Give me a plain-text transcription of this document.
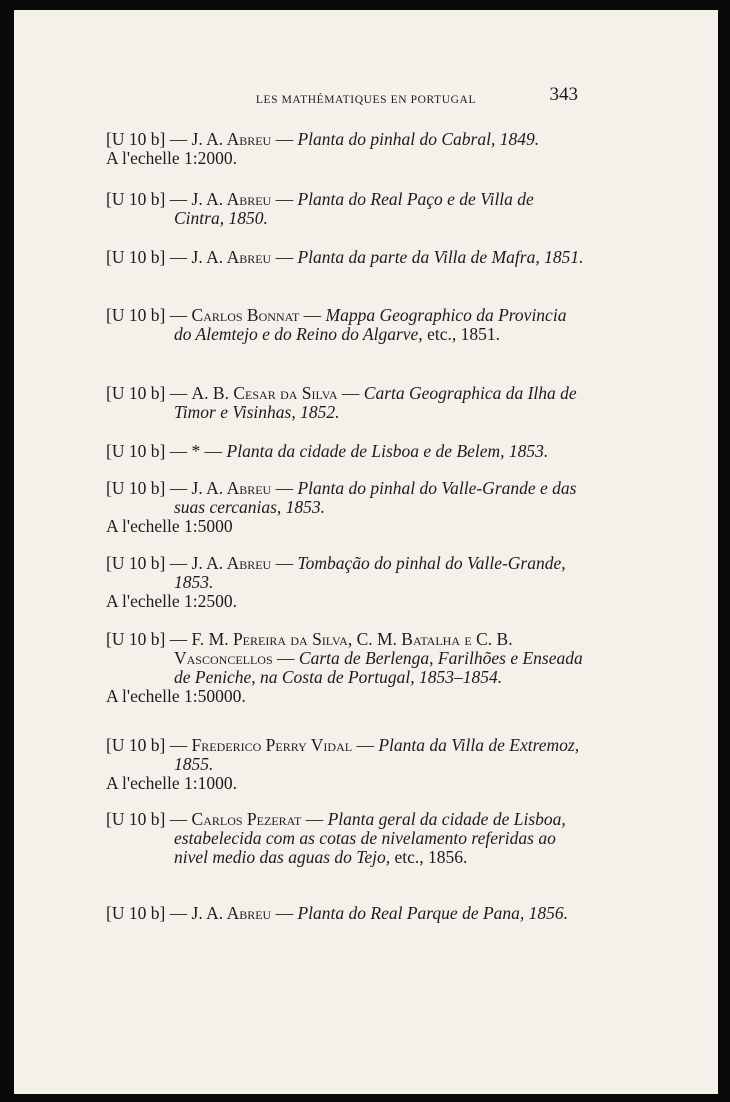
LES MATHÉMATIQUES EN PORTUGAL	343

[U 10 b] — J. A. Abreu — Planta do pinhal do Cabral, 1849.

A l'echelle 1:2000.

[U 10 b] — J. A. Abreu — Planta do Real Paço e de Villa de Cintra, 1850.

[U 10 b] — J. A. Abreu — Planta da parte da Villa de Mafra, 1851.

[U 10 b] — Carlos Bonnat — Mappa Geographico da Provincia do Alemtejo e do Reino do Algarve, etc., 1851.

[U 10 b] — A. B. Cesar da Silva — Carta Geographica da Ilha de Timor e Visinhas, 1852.

[U 10 b] — * — Planta da cidade de Lisboa e de Belem, 1853.

[U 10 b] — J. A. Abreu — Planta do pinhal do Valle-Grande e das suas cercanias, 1853.

A l'echelle 1:5000

[U 10 b] — J. A. Abreu — Tombação do pinhal do Valle-Grande, 1853.

A l'echelle 1:2500.

[U 10 b] — F. M. Pereira da Silva, C. M. Batalha e C. B. Vasconcellos — Carta de Berlenga, Farilhões e Enseada de Peniche, na Costa de Portugal, 1853–1854.

A l'echelle 1:50000.

[U 10 b] — Frederico Perry Vidal — Planta da Villa de Extremoz, 1855.

A l'echelle 1:1000.

[U 10 b] — Carlos Pezerat — Planta geral da cidade de Lisboa, estabelecida com as cotas de nivelamento referidas ao nivel medio das aguas do Tejo, etc., 1856.

[U 10 b] — J. A. Abreu — Planta do Real Parque de Pana, 1856.
